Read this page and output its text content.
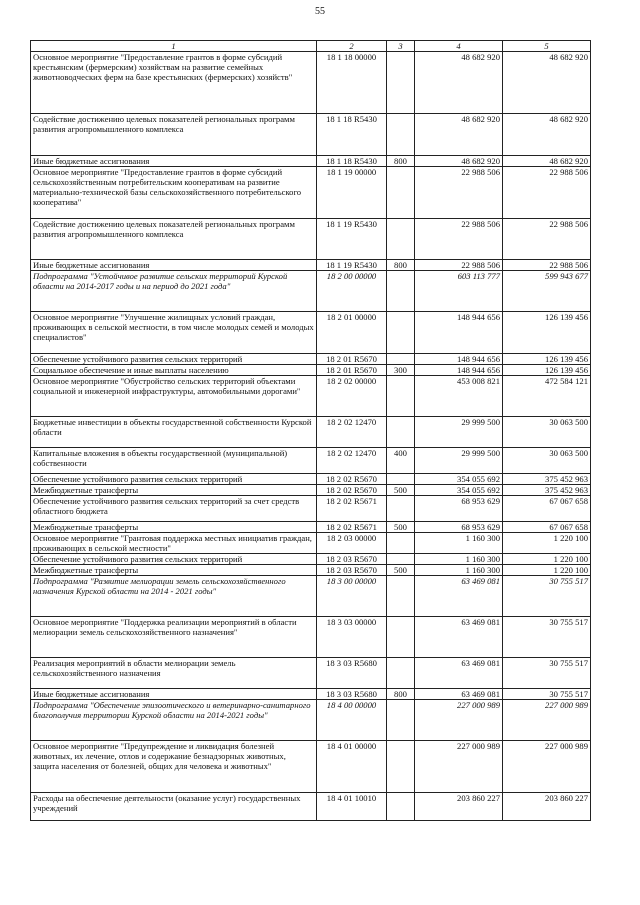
55
1	2	3	4	5
Основное мероприятие "Предоставление грантов в форме субсидий крестьянским (фермерским) хозяйствам на развитие семейных животноводческих ферм на базе крестьянских (фермерских) хозяйств"	18 1 18 00000		48 682 920	48 682 920
Содействие достижению целевых показателей региональных программ развития агропромышленного комплекса	18 1 18 R5430		48 682 920	48 682 920
Иные бюджетные ассигнования	18 1 18 R5430	800	48 682 920	48 682 920
Основное мероприятие "Предоставление грантов в форме субсидий сельскохозяйственным потребительским кооперативам на развитие материально-технической базы сельскохозяйственного потребительского кооператива"	18 1 19 00000		22 988 506	22 988 506
Содействие достижению целевых показателей региональных программ развития агропромышленного комплекса	18 1 19 R5430		22 988 506	22 988 506
Иные бюджетные ассигнования	18 1 19 R5430	800	22 988 506	22 988 506
Подпрограмма "Устойчивое развитие сельских территорий Курской области на 2014-2017 годы и на период до 2021 года"	18 2 00 00000		603 113 777	599 943 677
Основное мероприятие "Улучшение жилищных условий граждан, проживающих в сельской местности, в том числе молодых семей и молодых специалистов"	18 2 01 00000		148 944 656	126 139 456
Обеспечение устойчивого развития сельских территорий	18 2 01 R5670		148 944 656	126 139 456
Социальное обеспечение и иные выплаты населению	18 2 01 R5670	300	148 944 656	126 139 456
Основное мероприятие "Обустройство сельских территорий объектами социальной и инженерной инфраструктуры, автомобильными дорогами"	18 2 02 00000		453 008 821	472 584 121
Бюджетные инвестиции в объекты государственной собственности Курской области	18 2 02 12470		29 999 500	30 063 500
Капитальные вложения в объекты государственной (муниципальной) собственности	18 2 02 12470	400	29 999 500	30 063 500
Обеспечение устойчивого развития сельских территорий	18 2 02 R5670		354 055 692	375 452 963
Межбюджетные трансферты	18 2 02 R5670	500	354 055 692	375 452 963
Обеспечение устойчивого развития сельских территорий за счет средств областного бюджета	18 2 02 R5671		68 953 629	67 067 658
Межбюджетные трансферты	18 2 02 R5671	500	68 953 629	67 067 658
Основное мероприятие "Грантовая поддержка местных инициатив граждан, проживающих в сельской местности"	18 2 03 00000		1 160 300	1 220 100
Обеспечение устойчивого развития сельских территорий	18 2 03 R5670		1 160 300	1 220 100
Межбюджетные трансферты	18 2 03 R5670	500	1 160 300	1 220 100
Подпрограмма "Развитие мелиорации земель сельскохозяйственного назначения Курской области на 2014 - 2021 годы"	18 3 00 00000		63 469 081	30 755 517
Основное мероприятие "Поддержка реализации мероприятий в области мелиорации земель сельскохозяйственного назначения"	18 3 03 00000		63 469 081	30 755 517
Реализация мероприятий в области мелиорации земель сельскохозяйственного назначения	18 3 03 R5680		63 469 081	30 755 517
Иные бюджетные ассигнования	18 3 03 R5680	800	63 469 081	30 755 517
Подпрограмма "Обеспечение эпизоотического и ветеринарно-санитарного благополучия территории Курской области на 2014-2021 годы"	18 4 00 00000		227 000 989	227 000 989
Основное мероприятие "Предупреждение и ликвидация болезней животных, их лечение, отлов и содержание безнадзорных животных, защита населения от болезней, общих для человека и животных"	18 4 01 00000		227 000 989	227 000 989
Расходы на обеспечение деятельности (оказание услуг) государственных учреждений	18 4 01 10010		203 860 227	203 860 227
